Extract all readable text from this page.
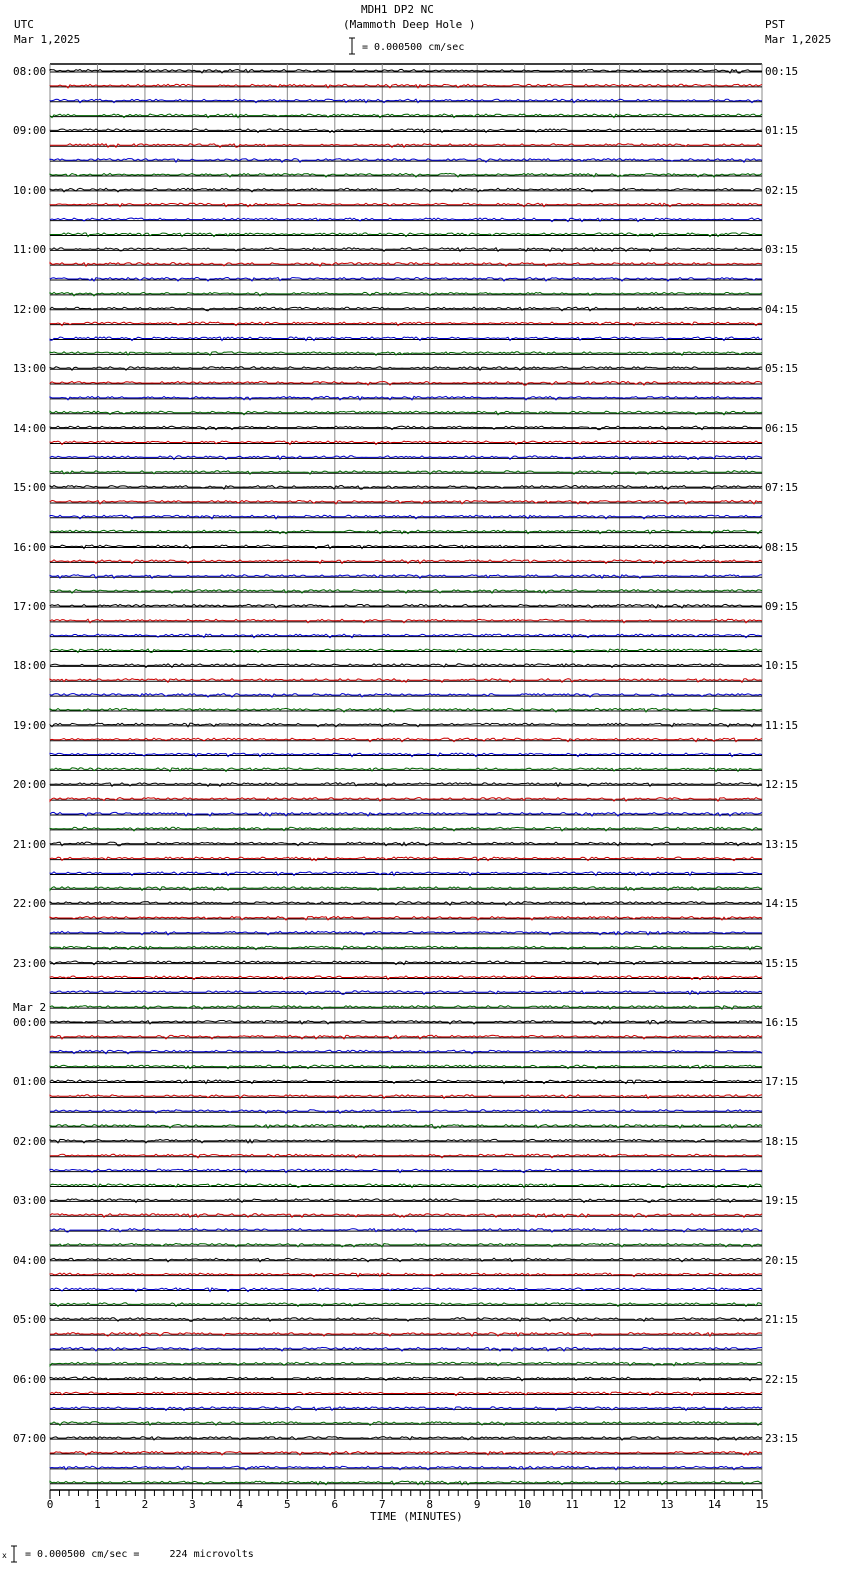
MDH1 DP2 NC
(Mammoth Deep Hole )
UTC
Mar 1,2025
PST
Mar 1,2025
= 0.000500 cm/sec
x = 0.000500 cm/sec =     224 microvolts
TIME (MINUTES)
0	1	2	3	4	5	6	7	8	9	10	11	12	13	14	15
08:00
09:00
10:00
11:00
12:00
13:00
14:00
15:00
16:00
17:00
18:00
19:00
20:00
21:00
22:00
23:00
00:00
Mar 2
01:00
02:00
03:00
04:00
05:00
06:00
07:00
00:15
01:15
02:15
03:15
04:15
05:15
06:15
07:15
08:15
09:15
10:15
11:15
12:15
13:15
14:15
15:15
16:15
17:15
18:15
19:15
20:15
21:15
22:15
23:15
